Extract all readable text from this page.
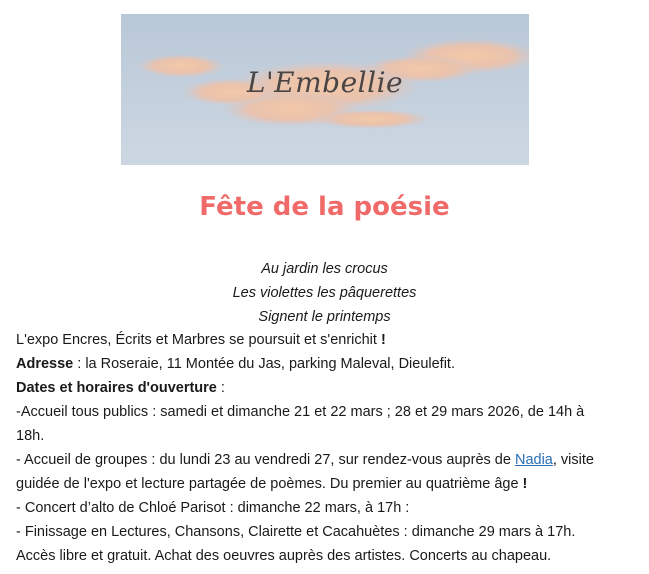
L'Embellie
Fête de la poésie
Au jardin les crocus
Les violettes les pâquerettes
Signent le printemps

L'expo Encres, Écrits et Marbres se poursuit et s'enrichit !

Adresse : la Roseraie, 11 Montée du Jas, parking Maleval, Dieulefit.

Dates et horaires d'ouverture :

-Accueil tous publics : samedi et dimanche 21 et 22 mars ; 28 et 29 mars 2026, de 14h à 18h.

- Accueil de groupes : du lundi 23 au vendredi 27, sur rendez-vous auprès de Nadia, visite guidée de l'expo et lecture partagée de poèmes. Du premier au quatrième âge !

- Concert d’alto de Chloé Parisot : dimanche 22 mars, à 17h :

- Finissage en Lectures, Chansons, Clairette et Cacahuètes : dimanche 29 mars à 17h.

Accès libre et gratuit. Achat des oeuvres auprès des artistes. Concerts au chapeau.
